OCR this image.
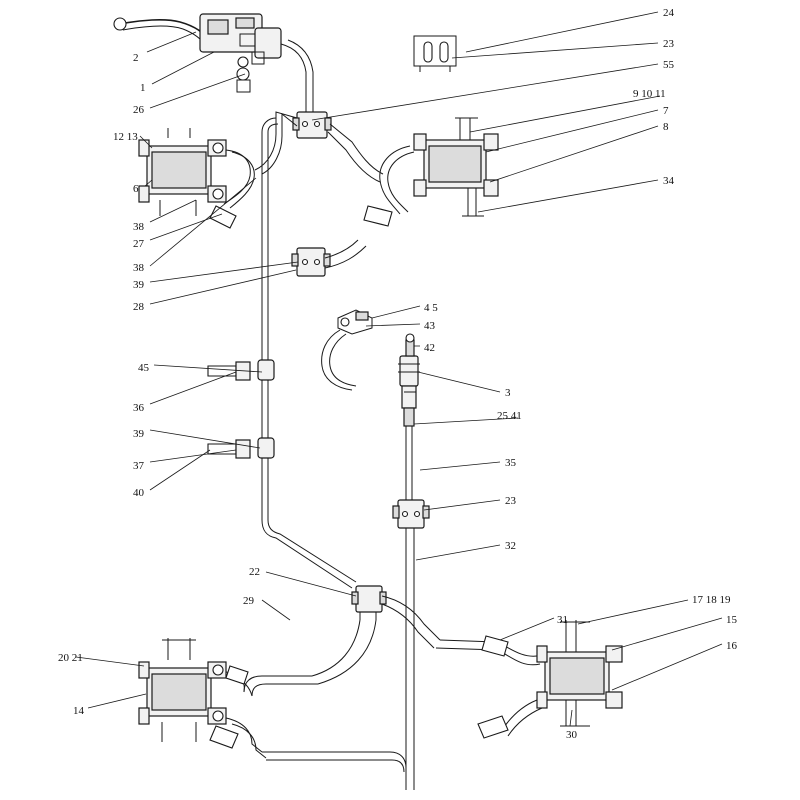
24
23
55
9 10 11
7
8
34
2
1
26
12 13
6
38
27
38
39
28
45
36
39
37
40
4 5
43
42
3
25 41
35
23
32
22
29
31
17 18 19
15
16
20 21
14
30
